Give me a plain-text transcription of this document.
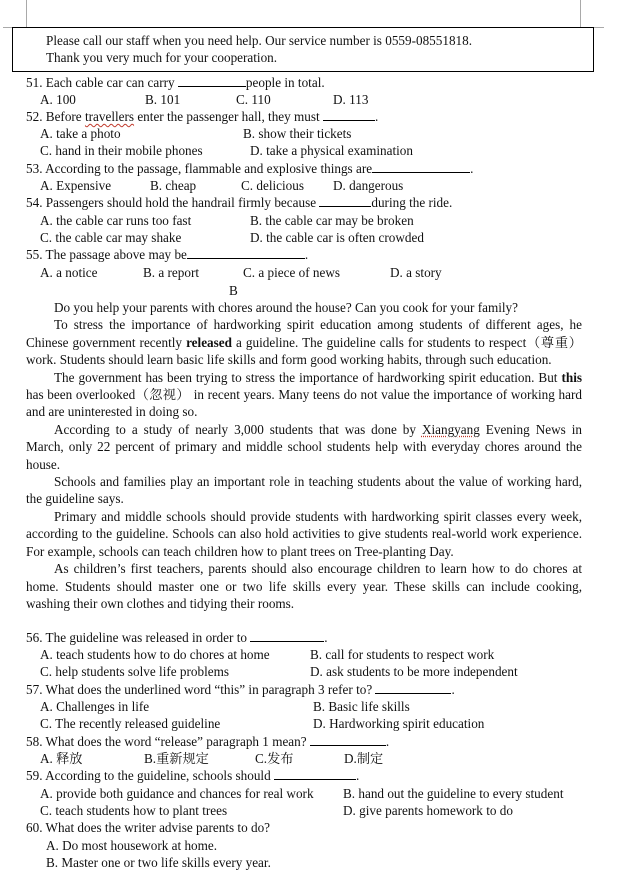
Please call our staff when you need help. Our service number is 0559-08551818.
Thank you very much for your cooperation.
51. Each cable car can carry	people in total.
A. 100	B. 101	C. 110	D. 113
52. Before travellers enter the passenger hall, they must	.
A. take a photo	B. show their tickets
C. hand in their mobile phones	D. take a physical examination
53. According to the passage, flammable and explosive things are	.
A. Expensive	B. cheap	C. delicious D. dangerous
54. Passengers should hold the handrail firmly because	during the ride.
A. the cable car runs too fast	B. the cable car may be broken
C. the cable car may shake	D. the cable car is often crowded
55. The passage above may be	.
A. a notice	B. a report	C. a piece of news	D. a story
B

Do you help your parents with chores around the house? Can you cook for your family?

To stress the importance of hardworking spirit education among students of different ages, he Chinese government recently released a guideline. The guideline calls for students to respect（尊重） work. Students should learn basic life skills and form good working habits, through such education.

The government has been trying to stress the importance of hardworking spirit education. But this has been overlooked（忽视） in recent years. Many teens do not value the importance of working hard and are uninterested in doing so.

According to a study of nearly 3,000 students that was done by Xiangyang Evening News in March, only 22 percent of primary and middle school students help with everyday chores around the house.

Schools and families play an important role in teaching students about the value of working hard, the guideline says.

Primary and middle schools should provide students with hardworking spirit classes every week, according to the guideline. Schools can also hold activities to give students real-world work experience. For example, schools can teach children how to plant trees on Tree-planting Day.

As children’s first teachers, parents should also encourage children to learn how to do chores at home. Students should master one or two life skills every year. These skills can include cooking, washing their own clothes and tidying their rooms.

56. The guideline was released in order to	.
A. teach students how to do chores at home	B. call for students to respect work
C. help students solve life problems	D. ask students to be more independent
57. What does the underlined word “this” in paragraph 3 refer to?	.
A. Challenges in life	B. Basic life skills
C. The recently released guideline	D. Hardworking spirit education
58. What does the word “release” paragraph 1 mean?	.
A. 释放	B.重新规定	C.发布	D.制定
59. According to the guideline, schools should	.
A. provide both guidance and chances for real work B. hand out the guideline to every student
C. teach students how to plant trees	D. give parents homework to do
60. What does the writer advise parents to do?
A. Do most housework at home.
B. Master one or two life skills every year.
